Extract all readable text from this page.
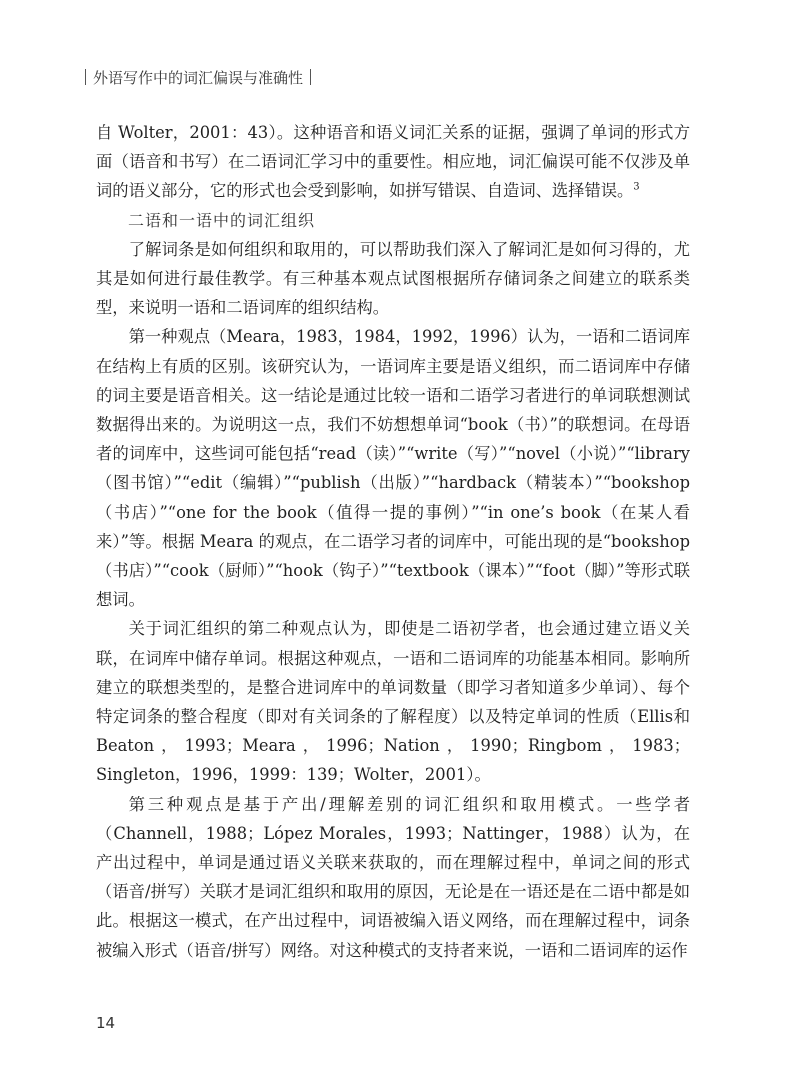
外语写作中的词汇偏误与准确性

自 Wolter，2001：43）。这种语音和语义词汇关系的证据，强调了单词的形式方面（语音和书写）在二语词汇学习中的重要性。相应地，词汇偏误可能不仅涉及单词的语义部分，它的形式也会受到影响，如拼写错误、自造词、选择错误。$^3$

二语和一语中的词汇组织

了解词条是如何组织和取用的，可以帮助我们深入了解词汇是如何习得的，尤其是如何进行最佳教学。有三种基本观点试图根据所存储词条之间建立的联系类型，来说明一语和二语词库的组织结构。

第一种观点（Meara，1983，1984，1992，1996）认为，一语和二语词库在结构上有质的区别。该研究认为，一语词库主要是语义组织，而二语词库中存储的词主要是语音相关。这一结论是通过比较一语和二语学习者进行的单词联想测试数据得出来的。为说明这一点，我们不妨想想单词“book（书）”的联想词。在母语者的词库中，这些词可能包括“read（读）”“write（写）”“novel（小说）”“library（图书馆）”“edit（编辑）”“publish（出版）”“hardback（精装本）”“bookshop（书店）”“one for the book（值得一提的事例）”“in one’s book（在某人看来）”等。根据 Meara 的观点，在二语学习者的词库中，可能出现的是“bookshop（书店）”“cook（厨师）”“hook（钩子）”“textbook（课本）”“foot（脚）”等形式联想词。

关于词汇组织的第二种观点认为，即使是二语初学者，也会通过建立语义关联，在词库中储存单词。根据这种观点，一语和二语词库的功能基本相同。影响所建立的联想类型的，是整合进词库中的单词数量（即学习者知道多少单词）、每个特定词条的整合程度（即对有关词条的了解程度）以及特定单词的性质（Ellis和Beaton，1993；Meara，1996；Nation，1990；Ringbom，1983；Singleton，1996，1999：139；Wolter，2001）。

第三种观点是基于产出/理解差别的词汇组织和取用模式。一些学者（Channell，1988；López Morales，1993；Nattinger，1988）认为，在产出过程中，单词是通过语义关联来获取的，而在理解过程中，单词之间的形式（语音/拼写）关联才是词汇组织和取用的原因，无论是在一语还是在二语中都是如此。根据这一模式，在产出过程中，词语被编入语义网络，而在理解过程中，词条被编入形式（语音/拼写）网络。对这种模式的支持者来说，一语和二语词库的运作

14
